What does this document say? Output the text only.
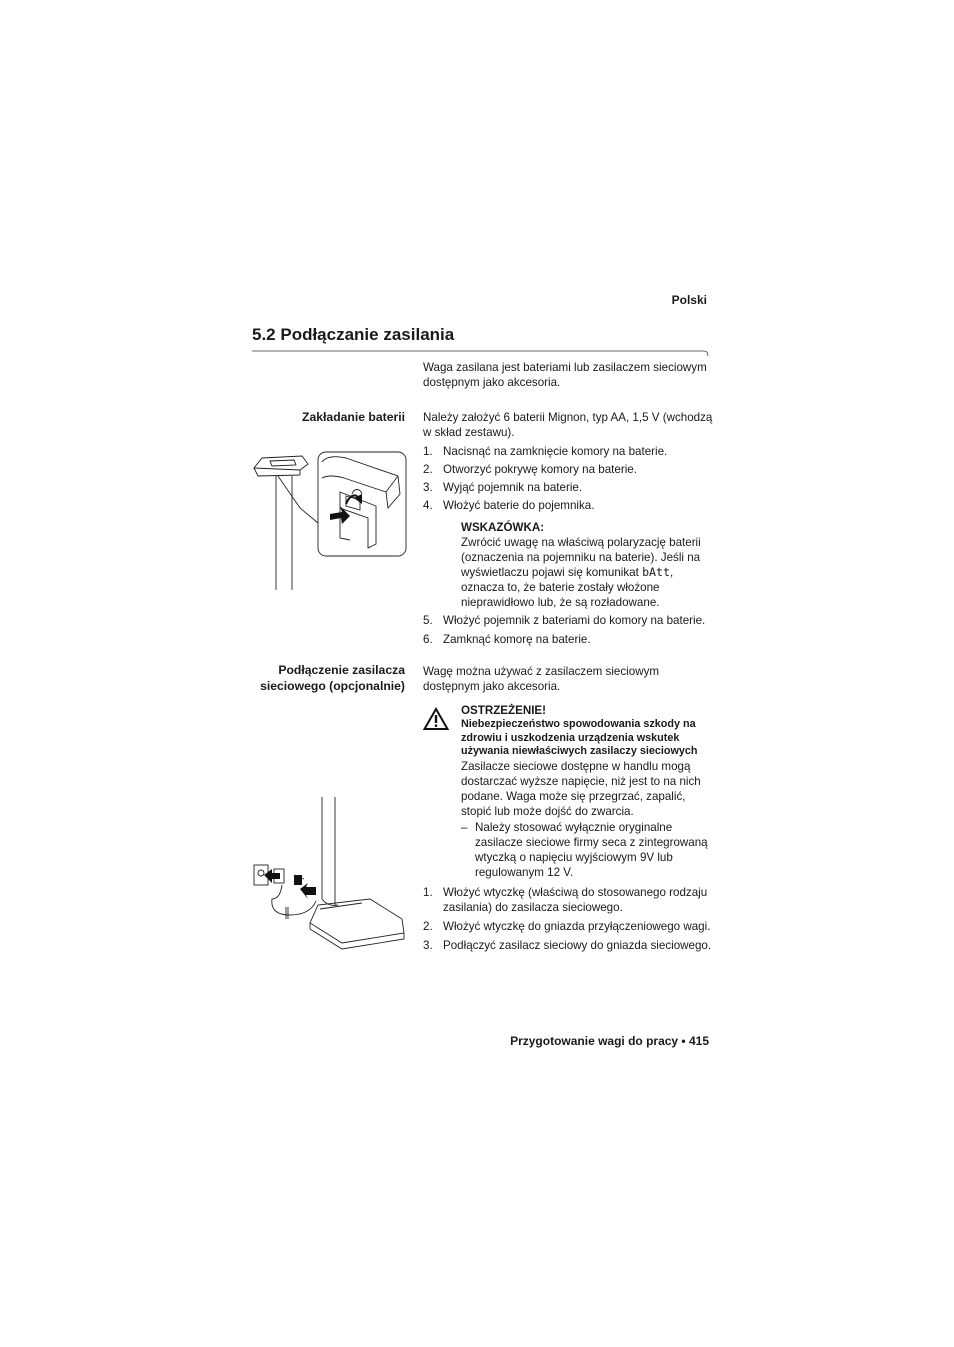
Polski
5.2 Podłączanie zasilania

Waga zasilana jest bateriami lub zasilaczem sieciowym dostępnym jako akcesoria.

Zakładanie baterii Należy założyć 6 baterii Mignon, typ AA, 1,5 V (wchodzą w skład zestawu).

1. Nacisnąć na zamknięcie komory na baterie.
2. Otworzyć pokrywę komory na baterie.
3. Wyjąć pojemnik na baterie.
4. Włożyć baterie do pojemnika.

WSKAZÓWKA:

Zwrócić uwagę na właściwą polaryzację baterii (oznaczenia na pojemniku na baterie). Jeśli na wyświetlaczu pojawi się komunikat bAtt, oznacza to, że baterie zostały włożone nieprawidłowo lub, że są rozładowane.

5. Włożyć pojemnik z bateriami do komory na baterie.
6. Zamknąć komorę na baterie.
Podłączenie zasilacza
sieciowego (opcjonalnie)

Wagę można używać z zasilaczem sieciowym dostępnym jako akcesoria.

OSTRZEŻENIE!

Niebezpieczeństwo spowodowania szkody na zdrowiu i uszkodzenia urządzenia wskutek używania niewłaściwych zasilaczy sieciowych

Zasilacze sieciowe dostępne w handlu mogą dostarczać wyższe napięcie, niż jest to na nich podane. Waga może się przegrzać, zapalić, stopić lub może dojść do zwarcia.

– Należy stosować wyłącznie oryginalne zasilacze sieciowe firmy seca z zintegrowaną wtyczką o napięciu wyjściowym 9V lub regulowanym 12 V.
1. Włożyć wtyczkę (właściwą do stosowanego rodzaju zasilania) do zasilacza sieciowego.
2. Włożyć wtyczkę do gniazda przyłączeniowego wagi.
3. Podłączyć zasilacz sieciowy do gniazda sieciowego.
Przygotowanie wagi do pracy • 415
